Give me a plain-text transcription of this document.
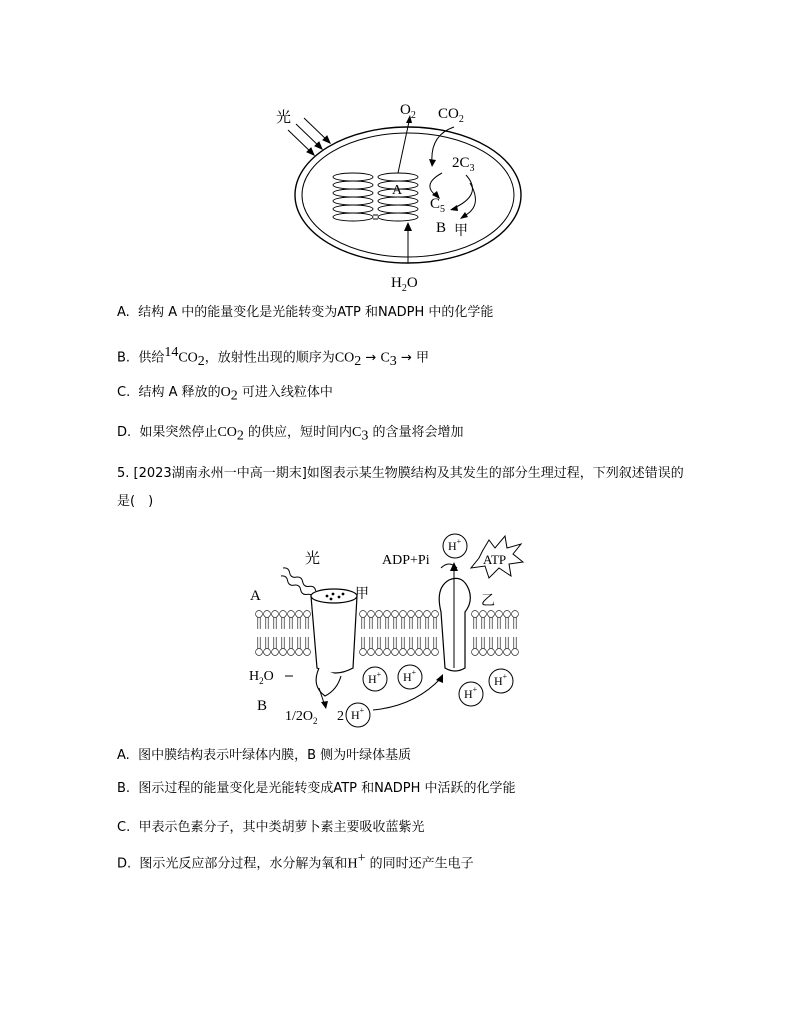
光
A
$O_2$ $CO_2$
$2C_3$
$C_5$
B 甲
$H_2O$
A. 结构 A 中的能量变化是光能转变为ATP 和NADPH 中的化学能
B. 供给$^{14}CO_2$，放射性出现的顺序为$CO_2 \to C_3$ → 甲
C. 结构 A 释放的$O_2$ 可进入线粒体中
D. 如果突然停止$CO_2$ 的供应，短时间内$C_3$ 的含量将会增加
5. [2023湖南永州一中高一期末]如图表示某生物膜结构及其发生的部分生理过程，下列叙述错误的是(　)
光
A	甲
$H_2O$
B
$1/2O_2$ 2 H+
H+ H+
H+
H+
H+
乙
ADP+Pi	ATP
A. 图中膜结构表示叶绿体内膜，B 侧为叶绿体基质
B. 图示过程的能量变化是光能转变成ATP 和NADPH 中活跃的化学能
C. 甲表示色素分子，其中类胡萝卜素主要吸收蓝紫光
D. 图示光反应部分过程，水分解为氧和H+ 的同时还产生电子
